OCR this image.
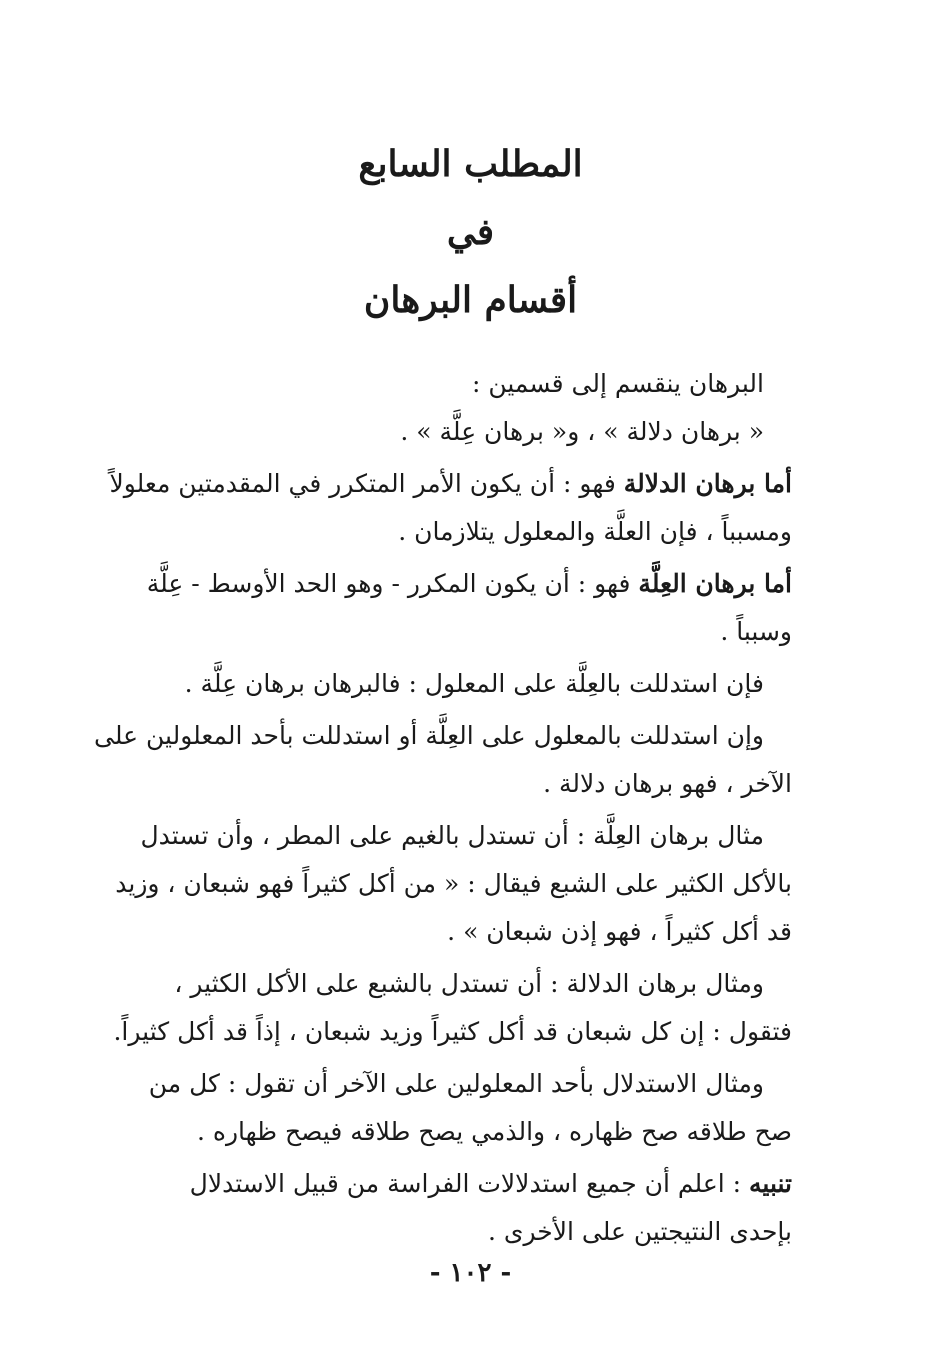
المطلب السابع
في
أقسام البرهان
البرهان ينقسم إلى قسمين :
« برهان دلالة » ، و« برهان عِلَّة » .
أما برهان الدلالة فهو : أن يكون الأمر المتكرر في المقدمتين معلولاً
ومسبباً ، فإن العلَّة والمعلول يتلازمان .
أما برهان العِلَّة فهو : أن يكون المكرر - وهو الحد الأوسط - عِلَّة
وسبباً .
فإن استدللت بالعِلَّة على المعلول : فالبرهان برهان عِلَّة .
وإن استدللت بالمعلول على العِلَّة أو استدللت بأحد المعلولين على
الآخر ، فهو برهان دلالة .
مثال برهان العِلَّة : أن تستدل بالغيم على المطر ، وأن تستدل
بالأكل الكثير على الشبع فيقال : « من أكل كثيراً فهو شبعان ، وزيد
قد أكل كثيراً ، فهو إذن شبعان » .
ومثال برهان الدلالة : أن تستدل بالشبع على الأكل الكثير ،
فتقول : إن كل شبعان قد أكل كثيراً وزيد شبعان ، إذاً قد أكل كثيراً.
ومثال الاستدلال بأحد المعلولين على الآخر أن تقول : كل من
صح طلاقه صح ظهاره ، والذمي يصح طلاقه فيصح ظهاره .
تنبيه : اعلم أن جميع استدلالات الفراسة من قبيل الاستدلال
بإحدى النتيجتين على الأخرى .
- ١٠٢ -
